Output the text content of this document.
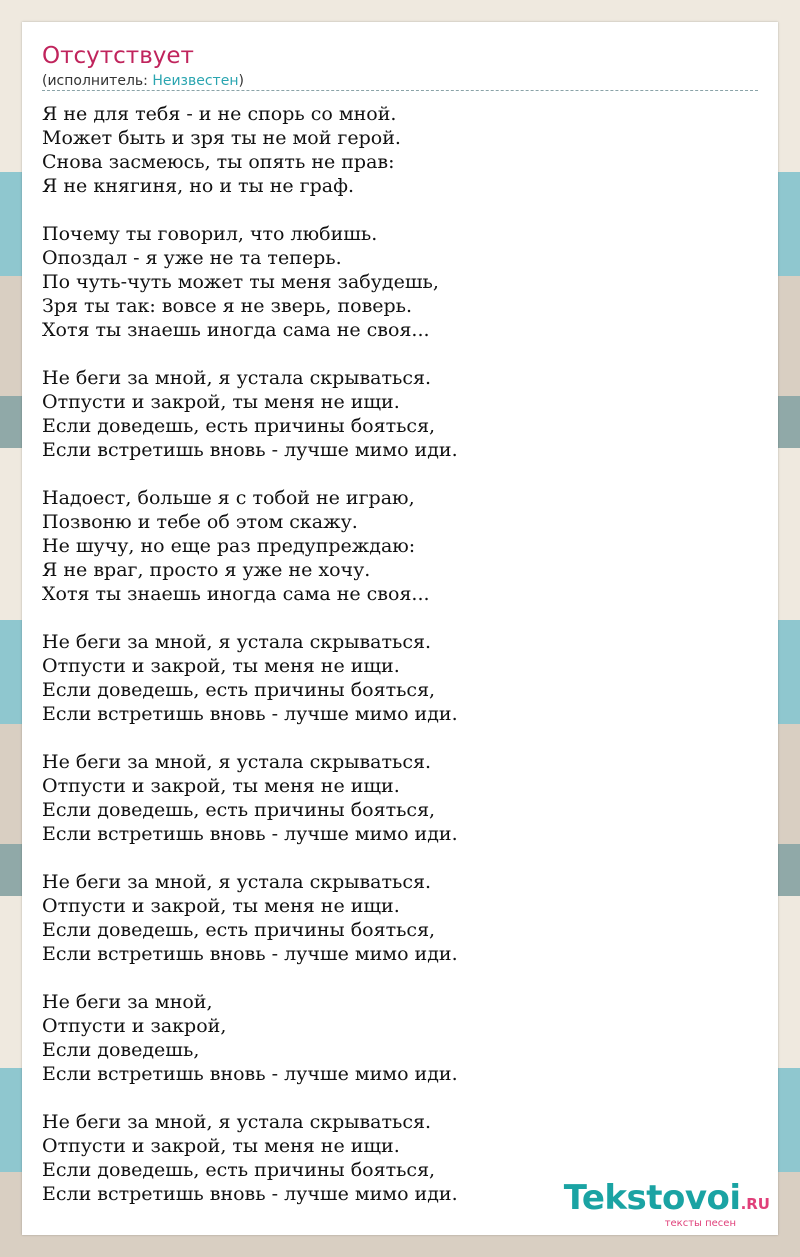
Отсутствует
(исполнитель: Неизвестен)
Я не для тебя - и не спорь со мной.
Может быть и зря ты не мой герой.
Снова засмеюсь, ты опять не прав:
Я не княгиня, но и ты не граф.
Почему ты говорил, что любишь.
Опоздал - я уже не та теперь.
По чуть-чуть может ты меня забудешь,
Зря ты так: вовсе я не зверь, поверь.
Хотя ты знаешь иногда сама не своя...
Не беги за мной, я устала скрываться.
Отпусти и закрой, ты меня не ищи.
Если доведешь, есть причины бояться,
Если встретишь вновь - лучше мимо иди.
Надоест, больше я с тобой не играю,
Позвоню и тебе об этом скажу.
Не шучу, но еще раз предупреждаю:
Я не враг, просто я уже не хочу.
Хотя ты знаешь иногда сама не своя...
Не беги за мной, я устала скрываться.
Отпусти и закрой, ты меня не ищи.
Если доведешь, есть причины бояться,
Если встретишь вновь - лучше мимо иди.
Не беги за мной, я устала скрываться.
Отпусти и закрой, ты меня не ищи.
Если доведешь, есть причины бояться,
Если встретишь вновь - лучше мимо иди.
Не беги за мной, я устала скрываться.
Отпусти и закрой, ты меня не ищи.
Если доведешь, есть причины бояться,
Если встретишь вновь - лучше мимо иди.
Не беги за мной,
Отпусти и закрой,
Если доведешь,
Если встретишь вновь - лучше мимо иди.
Не беги за мной, я устала скрываться.
Отпусти и закрой, ты меня не ищи.
Если доведешь, есть причины бояться,
Если встретишь вновь - лучше мимо иди.	Tekstovoi.RU
тексты песен
